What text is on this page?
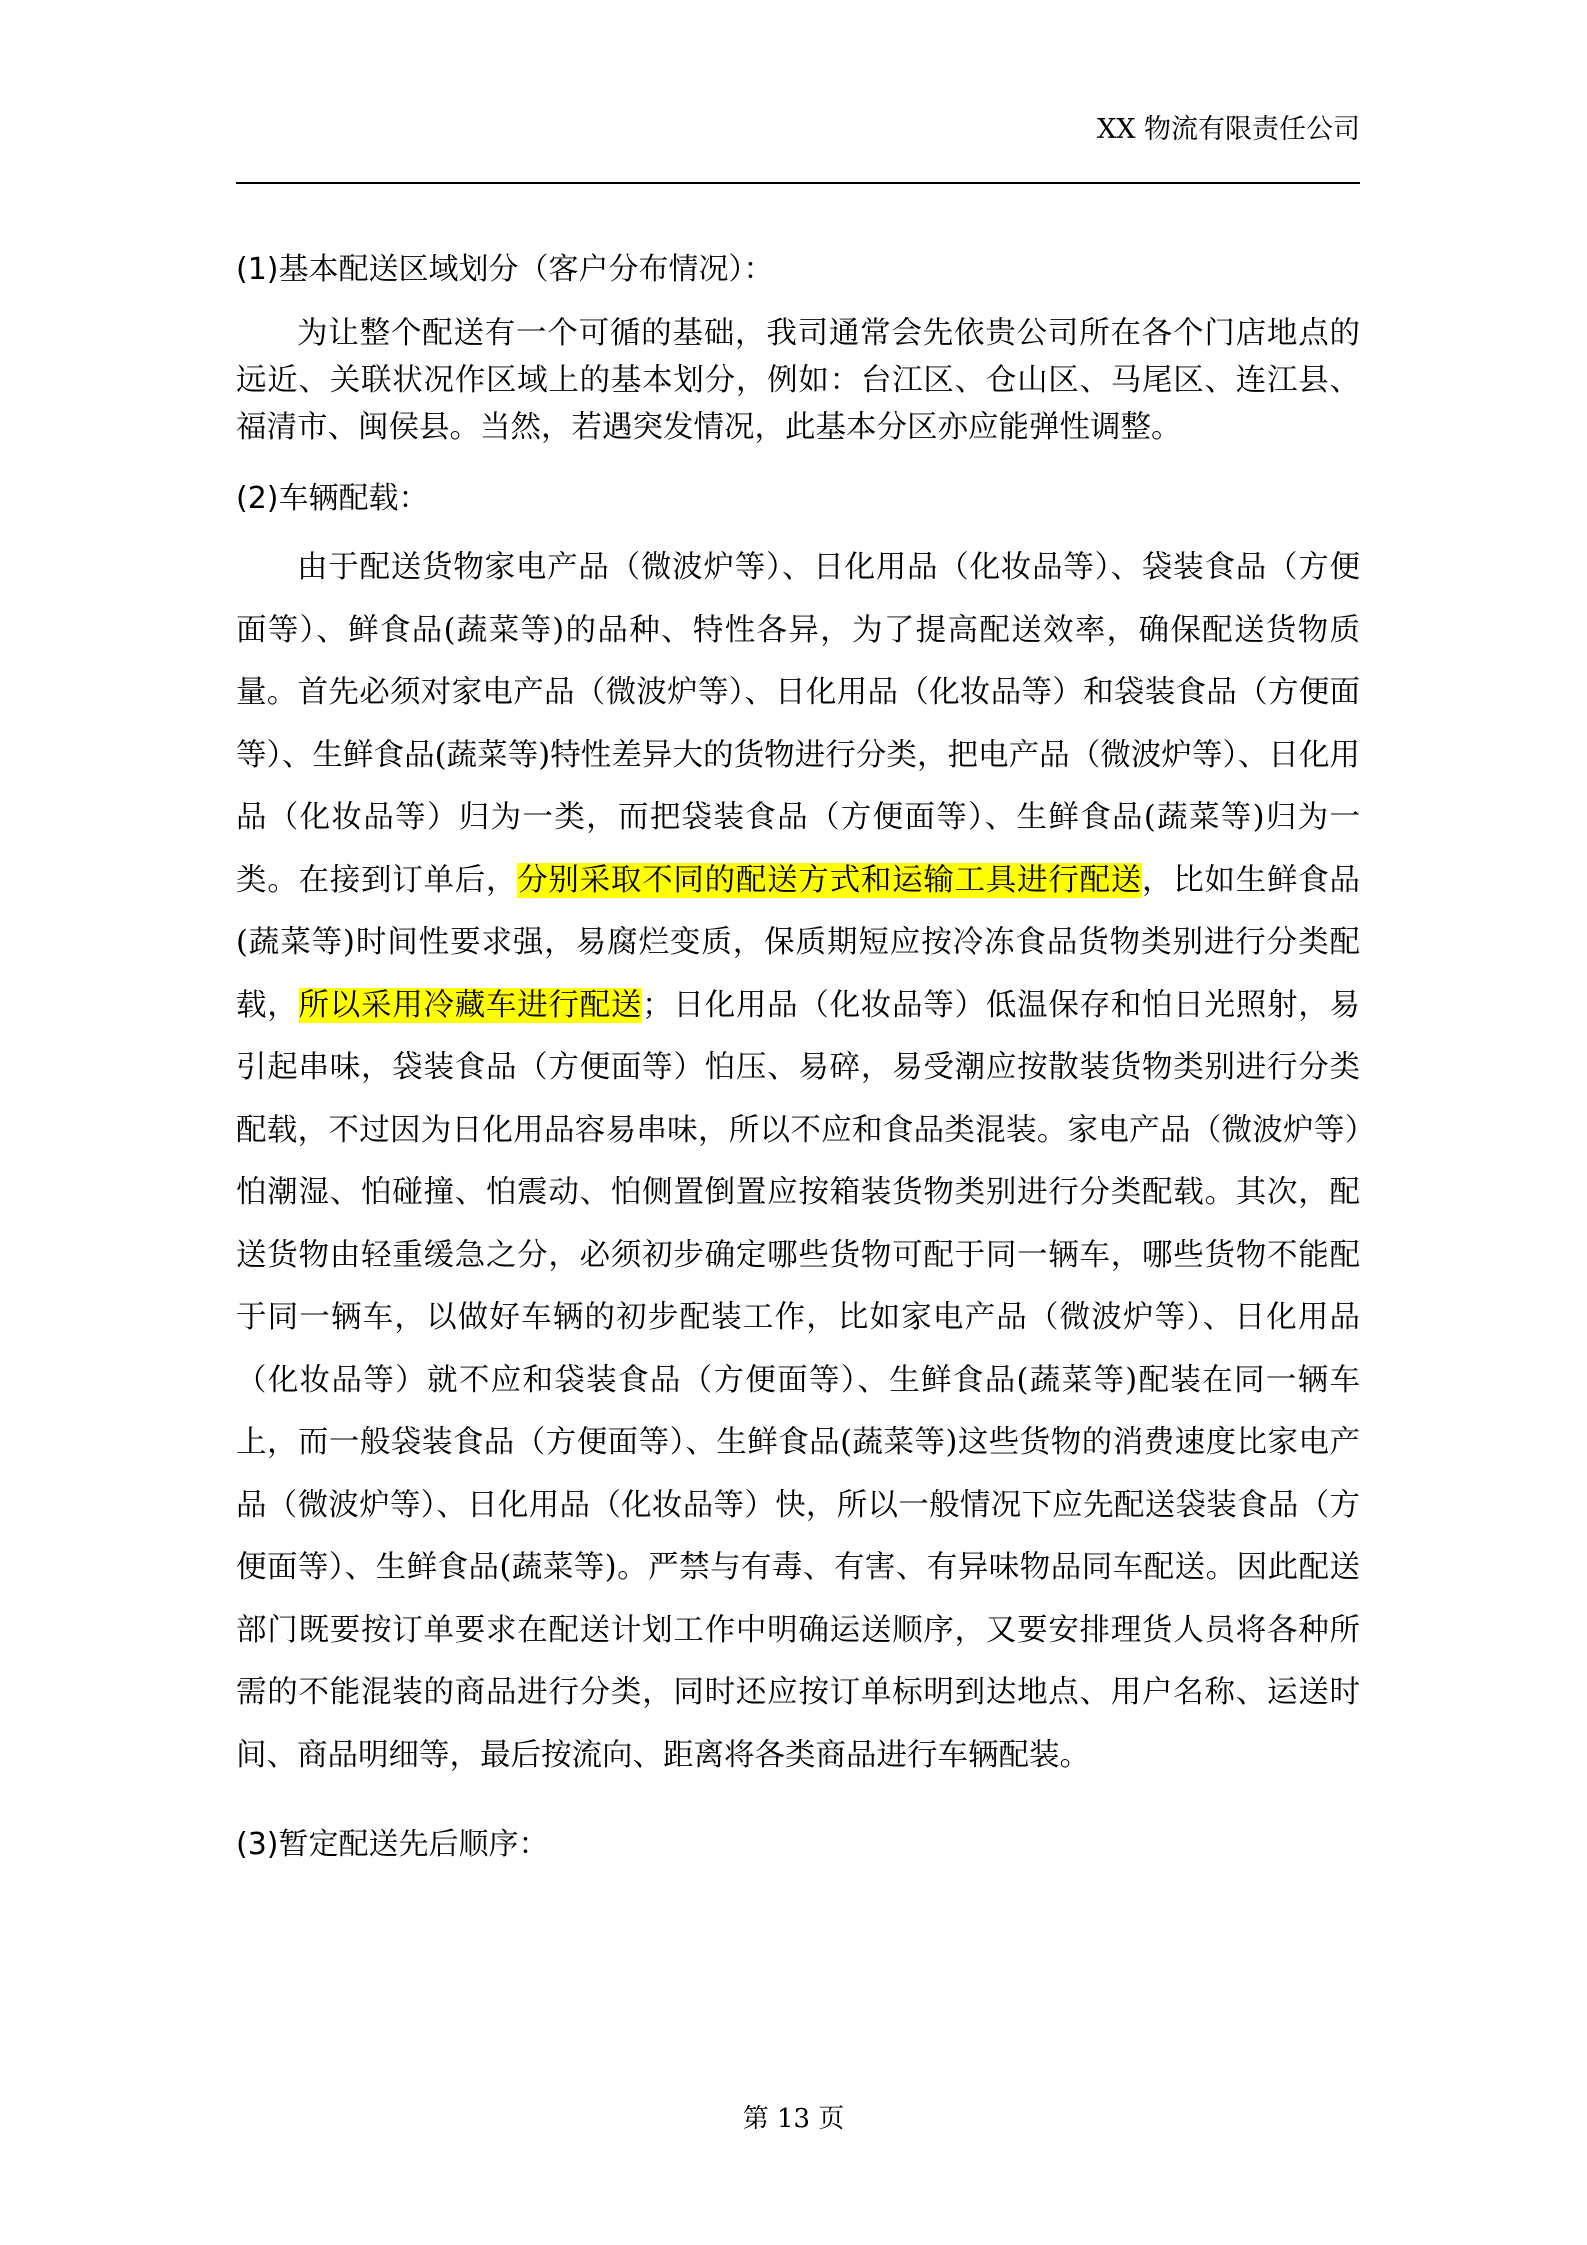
XX 物流有限责任公司
(1)基本配送区域划分（客户分布情况）：

为让整个配送有一个可循的基础，我司通常会先依贵公司所在各个门店地点的远近、关联状况作区域上的基本划分，例如：台江区、仓山区、马尾区、连江县、福清市、闽侯县。当然，若遇突发情况，此基本分区亦应能弹性调整。

(2)车辆配载：

由于配送货物家电产品（微波炉等）、日化用品（化妆品等）、袋装食品（方便面等）、鲜食品(蔬菜等)的品种、特性各异，为了提高配送效率，确保配送货物质量。首先必须对家电产品（微波炉等）、日化用品（化妆品等）和袋装食品（方便面等）、生鲜食品(蔬菜等)特性差异大的货物进行分类，把电产品（微波炉等）、日化用品（化妆品等）归为一类，而把袋装食品（方便面等）、生鲜食品(蔬菜等)归为一类。在接到订单后，分别采取不同的配送方式和运输工具进行配送，比如生鲜食品(蔬菜等)时间性要求强，易腐烂变质，保质期短应按冷冻食品货物类别进行分类配载，所以采用冷藏车进行配送；日化用品（化妆品等）低温保存和怕日光照射，易引起串味，袋装食品（方便面等）怕压、易碎，易受潮应按散装货物类别进行分类配载，不过因为日化用品容易串味，所以不应和食品类混装。家电产品（微波炉等）怕潮湿、怕碰撞、怕震动、怕侧置倒置应按箱装货物类别进行分类配载。其次，配送货物由轻重缓急之分，必须初步确定哪些货物可配于同一辆车，哪些货物不能配于同一辆车，以做好车辆的初步配装工作，比如家电产品（微波炉等）、日化用品（化妆品等）就不应和袋装食品（方便面等）、生鲜食品(蔬菜等)配装在同一辆车上，而一般袋装食品（方便面等）、生鲜食品(蔬菜等)这些货物的消费速度比家电产品（微波炉等）、日化用品（化妆品等）快，所以一般情况下应先配送袋装食品（方便面等）、生鲜食品(蔬菜等)。严禁与有毒、有害、有异味物品同车配送。因此配送部门既要按订单要求在配送计划工作中明确运送顺序，又要安排理货人员将各种所需的不能混装的商品进行分类，同时还应按订单标明到达地点、用户名称、运送时间、商品明细等，最后按流向、距离将各类商品进行车辆配装。

(3)暂定配送先后顺序：
第 13 页
